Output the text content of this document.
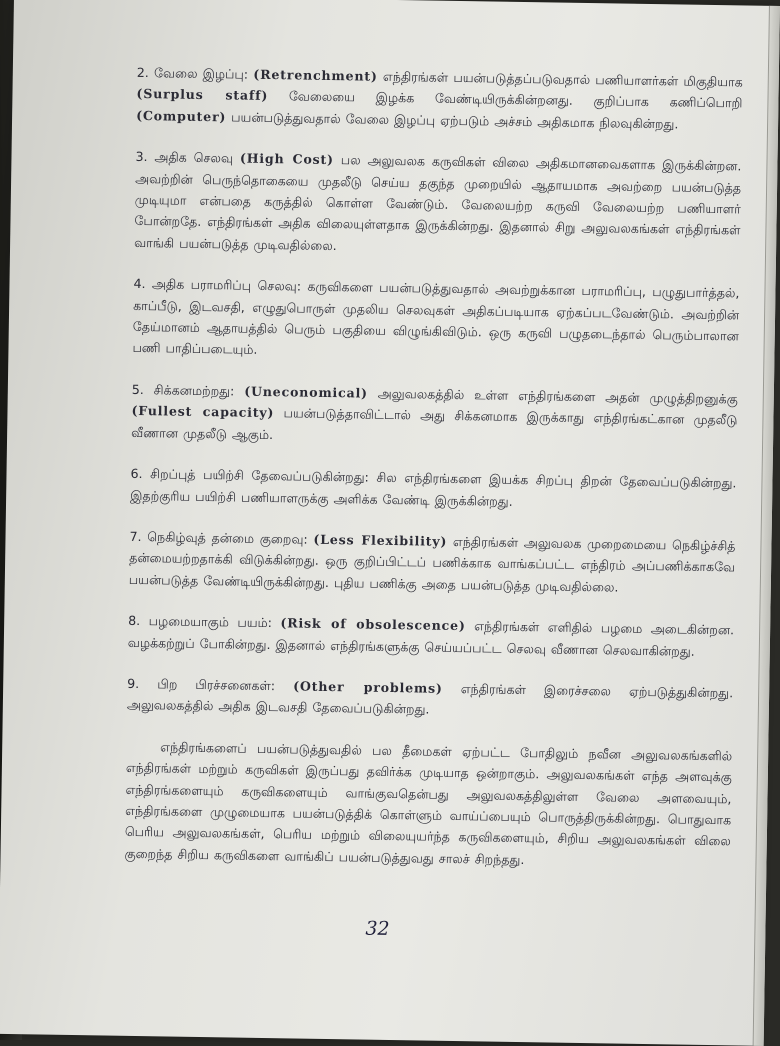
2. வேலை இழப்பு: (Retrenchment) எந்திரங்கள் பயன்படுத்தப்படுவதால் பணியாளர்கள் மிகுதியாக (Surplus staff) வேலையை இழக்க வேண்டியிருக்கின்றனது. குறிப்பாக கணிப்பொறி (Computer) பயன்படுத்துவதால் வேலை இழப்பு ஏற்படும் அச்சம் அதிகமாக நிலவுகின்றது.
3. அதிக செலவு (High Cost) பல அலுவலக கருவிகள் விலை அதிகமானவைகளாக இருக்கின்றன. அவற்றின் பெருந்தொகையை முதலீடு செய்ய தகுந்த முறையில் ஆதாயமாக அவற்றை பயன்படுத்த முடியுமா என்பதை கருத்தில் கொள்ள வேண்டும். வேலையற்ற கருவி வேலையற்ற பணியாளர் போன்றதே. எந்திரங்கள் அதிக விலையுள்ளதாக இருக்கின்றது. இதனால் சிறு அலுவலகங்கள் எந்திரங்கள் வாங்கி பயன்படுத்த முடிவதில்லை.
4. அதிக பராமரிப்பு செலவு: கருவிகளை பயன்படுத்துவதால் அவற்றுக்கான பராமரிப்பு, பழுதுபார்த்தல், காப்பீடு, இடவசதி, எழுதுபொருள் முதலிய செலவுகள் அதிகப்படியாக ஏற்கப்படவேண்டும். அவற்றின் தேய்மானம் ஆதாயத்தில் பெரும் பகுதியை விழுங்கிவிடும். ஒரு கருவி பழுதடைந்தால் பெரும்பாலான பணி பாதிப்படையும்.
5. சிக்கனமற்றது: (Uneconomical) அலுவலகத்தில் உள்ள எந்திரங்களை அதன் முழுத்திறனுக்கு (Fullest capacity) பயன்படுத்தாவிட்டால் அது சிக்கனமாக இருக்காது எந்திரங்கட்கான முதலீடு வீணான முதலீடு ஆகும்.
6. சிறப்புத் பயிற்சி தேவைப்படுகின்றது: சில எந்திரங்களை இயக்க சிறப்பு திறன் தேவைப்படுகின்றது. இதற்குரிய பயிற்சி பணியாளருக்கு அளிக்க வேண்டி இருக்கின்றது.
7. நெகிழ்வுத் தன்மை குறைவு: (Less Flexibility) எந்திரங்கள் அலுவலக முறைமையை நெகிழ்ச்சித் தன்மையற்றதாக்கி விடுக்கின்றது. ஒரு குறிப்பிட்டப் பணிக்காக வாங்கப்பட்ட எந்திரம் அப்பணிக்காகவே பயன்படுத்த வேண்டியிருக்கின்றது. புதிய பணிக்கு அதை பயன்படுத்த முடிவதில்லை.
8. பழமையாகும் பயம்: (Risk of obsolescence) எந்திரங்கள் எளிதில் பழமை அடைகின்றன. வழக்கற்றுப் போகின்றது. இதனால் எந்திரங்களுக்கு செய்யப்பட்ட செலவு வீணான செலவாகின்றது.
9. பிற பிரச்சனைகள்: (Other problems) எந்திரங்கள் இரைச்சலை ஏற்படுத்துகின்றது. அலுவலகத்தில் அதிக இடவசதி தேவைப்படுகின்றது.
எந்திரங்களைப் பயன்படுத்துவதில் பல தீமைகள் ஏற்பட்ட போதிலும் நவீன அலுவலகங்களில் எந்திரங்கள் மற்றும் கருவிகள் இருப்பது தவிர்க்க முடியாத ஒன்றாகும். அலுவலகங்கள் எந்த அளவுக்கு எந்திரங்களையும் கருவிகளையும் வாங்குவதென்பது அலுவலகத்திலுள்ள வேலை அளவையும், எந்திரங்களை முழுமையாக பயன்படுத்திக் கொள்ளும் வாய்ப்பையும் பொருத்திருக்கின்றது. பொதுவாக பெரிய அலுவலகங்கள், பெரிய மற்றும் விலையுயர்ந்த கருவிகளையும், சிறிய அலுவலகங்கள் விலை குறைந்த சிறிய கருவிகளை வாங்கிப் பயன்படுத்துவது சாலச் சிறந்தது.
32
